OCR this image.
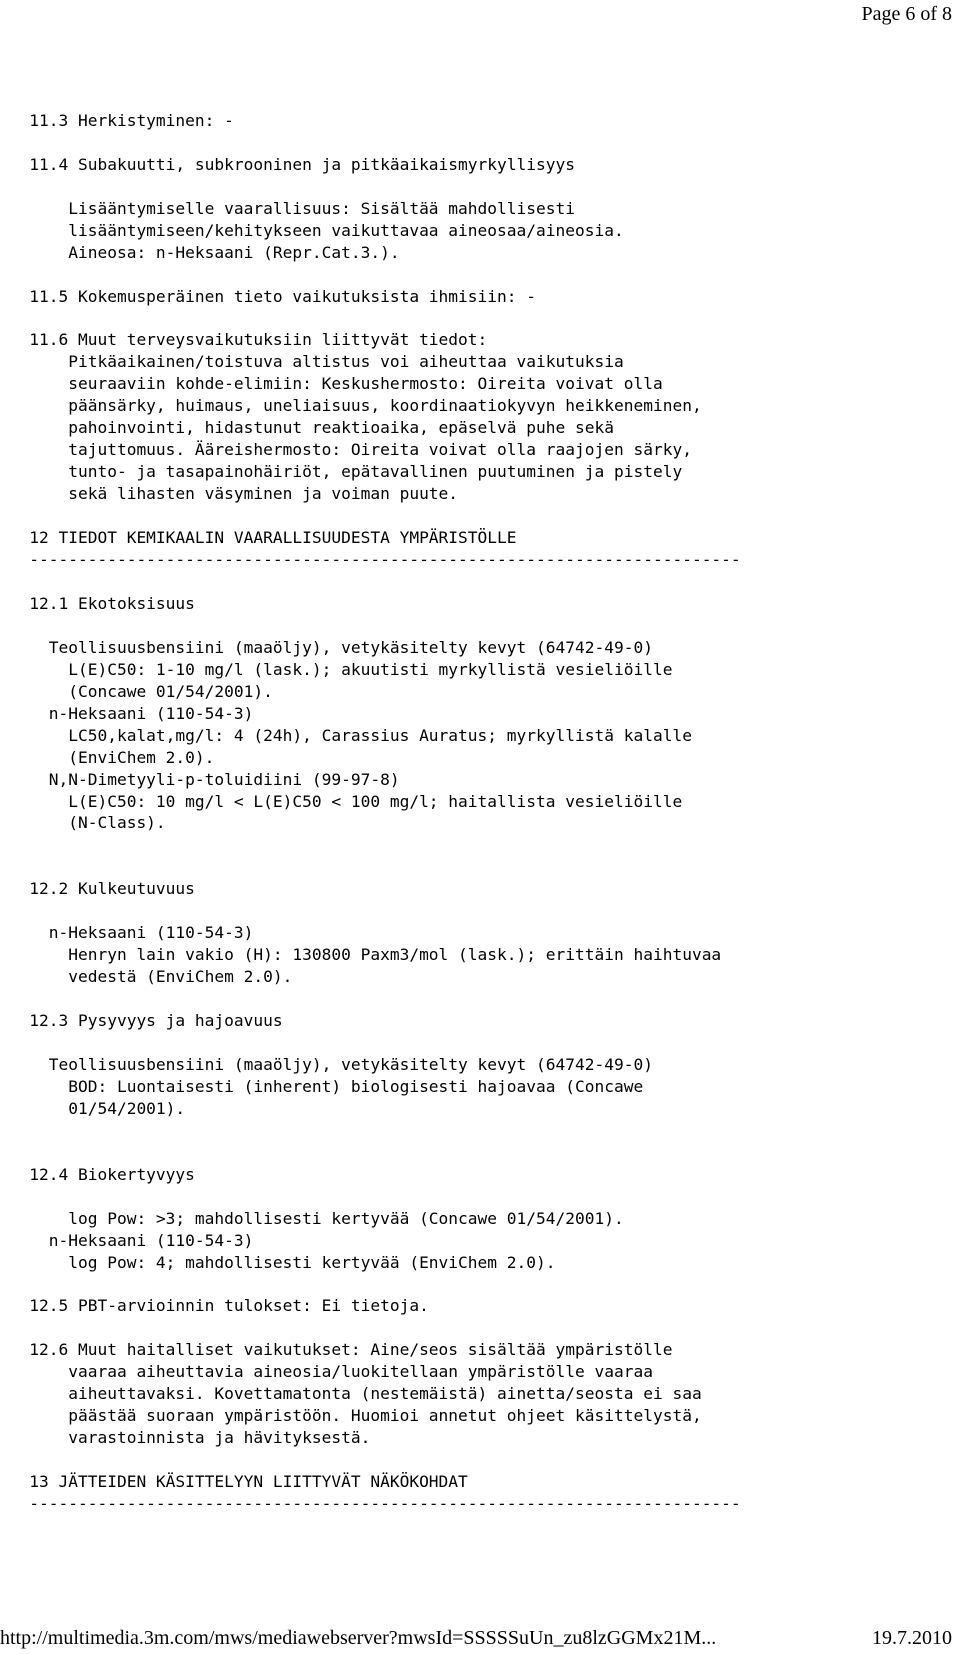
Page 6 of 8
11.3 Herkistyminen: -
11.4 Subakuutti, subkrooninen ja pitkäaikaismyrkyllisyys
Lisääntymiselle vaarallisuus: Sisältää mahdollisesti
lisääntymiseen/kehitykseen vaikuttavaa aineosaa/aineosia.
Aineosa: n-Heksaani (Repr.Cat.3.).
11.5 Kokemusperäinen tieto vaikutuksista ihmisiin: -
11.6 Muut terveysvaikutuksiin liittyvät tiedot:
Pitkäaikainen/toistuva altistus voi aiheuttaa vaikutuksia
seuraaviin kohde-elimiin: Keskushermosto: Oireita voivat olla
päänsärky, huimaus, uneliaisuus, koordinaatiokyvyn heikkeneminen,
pahoinvointi, hidastunut reaktioaika, epäselvä puhe sekä
tajuttomuus. Ääreishermosto: Oireita voivat olla raajojen särky,
tunto- ja tasapainohäiriöt, epätavallinen puutuminen ja pistely
sekä lihasten väsyminen ja voiman puute.
12 TIEDOT KEMIKAALIN VAARALLISUUDESTA YMPÄRISTÖLLE
-------------------------------------------------------------------------
12.1 Ekotoksisuus
Teollisuusbensiini (maaöljy), vetykäsitelty kevyt (64742-49-0)
L(E)C50: 1-10 mg/l (lask.); akuutisti myrkyllistä vesieliöille
(Concawe 01/54/2001).
n-Heksaani (110-54-3)
LC50,kalat,mg/l: 4 (24h), Carassius Auratus; myrkyllistä kalalle
(EnviChem 2.0).
N,N-Dimetyyli-p-toluidiini (99-97-8)
L(E)C50: 10 mg/l < L(E)C50 < 100 mg/l; haitallista vesieliöille
(N-Class).
12.2 Kulkeutuvuus
n-Heksaani (110-54-3)
Henryn lain vakio (H): 130800 Paxm3/mol (lask.); erittäin haihtuvaa
vedestä (EnviChem 2.0).
12.3 Pysyvyys ja hajoavuus
Teollisuusbensiini (maaöljy), vetykäsitelty kevyt (64742-49-0)
BOD: Luontaisesti (inherent) biologisesti hajoavaa (Concawe
01/54/2001).
12.4 Biokertyvyys
log Pow: >3; mahdollisesti kertyvää (Concawe 01/54/2001).
n-Heksaani (110-54-3)
log Pow: 4; mahdollisesti kertyvää (EnviChem 2.0).
12.5 PBT-arvioinnin tulokset: Ei tietoja.
12.6 Muut haitalliset vaikutukset: Aine/seos sisältää ympäristölle
vaaraa aiheuttavia aineosia/luokitellaan ympäristölle vaaraa
aiheuttavaksi. Kovettamatonta (nestemäistä) ainetta/seosta ei saa
päästää suoraan ympäristöön. Huomioi annetut ohjeet käsittelystä,
varastoinnista ja hävityksestä.
13 JÄTTEIDEN KÄSITTELYYN LIITTYVÄT NÄKÖKOHDAT
-------------------------------------------------------------------------
http://multimedia.3m.com/mws/mediawebserver?mwsId=SSSSSuUn_zu8lzGGMx21M...	19.7.2010
